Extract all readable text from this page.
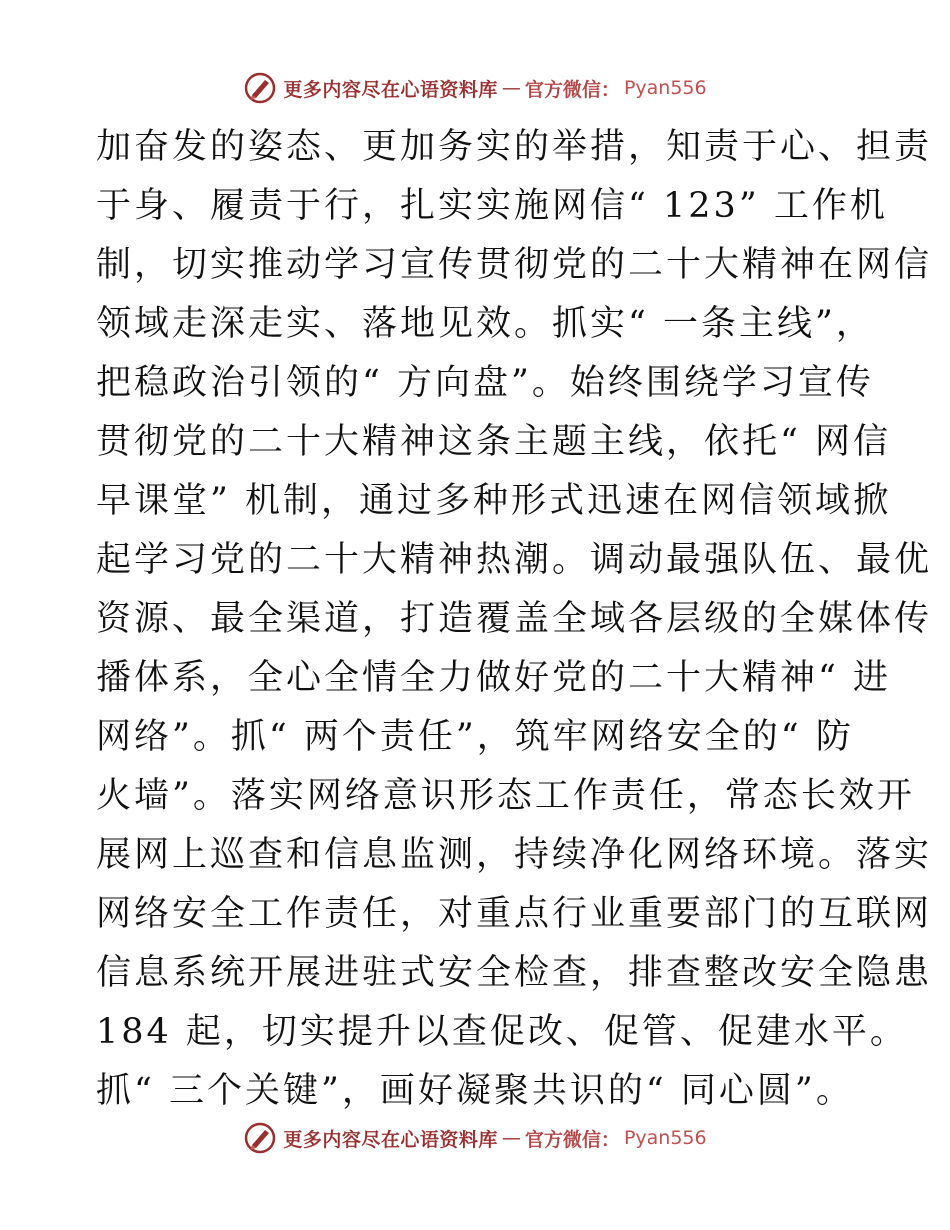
更多内容尽在心语资料库 — 官方微信： Pyan556
加奋发的姿态、更加务实的举措，知责于心、担责
于身、履责于行，扎实实施网信“ 123” 工作机
制，切实推动学习宣传贯彻党的二十大精神在网信
领域走深走实、落地见效。抓实“ 一条主线”，
把稳政治引领的“ 方向盘”。始终围绕学习宣传
贯彻党的二十大精神这条主题主线，依托“ 网信
早课堂” 机制，通过多种形式迅速在网信领域掀
起学习党的二十大精神热潮。调动最强队伍、最优
资源、最全渠道，打造覆盖全域各层级的全媒体传
播体系，全心全情全力做好党的二十大精神“ 进
网络”。抓“ 两个责任”，筑牢网络安全的“ 防
火墙”。落实网络意识形态工作责任，常态长效开
展网上巡查和信息监测，持续净化网络环境。落实
网络安全工作责任，对重点行业重要部门的互联网
信息系统开展进驻式安全检查，排查整改安全隐患
184 起，切实提升以查促改、促管、促建水平。
抓“ 三个关键”，画好凝聚共识的“ 同心圆”。
更多内容尽在心语资料库 — 官方微信： Pyan556
